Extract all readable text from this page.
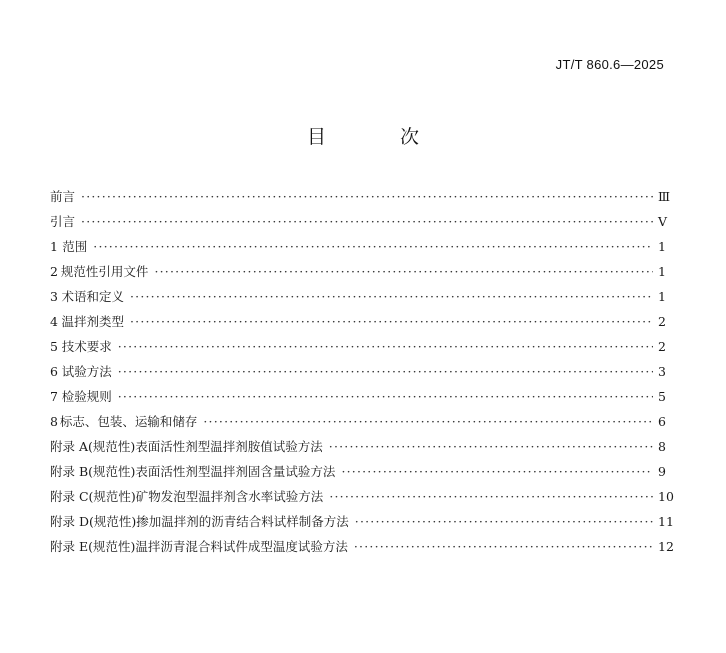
JT/T 860.6—2025
目 次
前言 ·····	Ⅲ
引言 ·····	Ⅴ
1 范围 ·····	1
2 规范性引用文件 ·····	1
3 术语和定义 ·····	1
4 温拌剂类型 ·····	2
5 技术要求 ·····	2
6 试验方法 ·····	3
7 检验规则 ·····	5
8 标志、包装、运输和储存 ·····	6
附录 A(规范性) 表面活性剂型温拌剂胺值试验方法 ·····	8
附录 B(规范性) 表面活性剂型温拌剂固含量试验方法 ·····	9
附录 C(规范性) 矿物发泡型温拌剂含水率试验方法 ·····	10
附录 D(规范性) 掺加温拌剂的沥青结合料试样制备方法 ·····	11
附录 E(规范性) 温拌沥青混合料试件成型温度试验方法 ·····	12
